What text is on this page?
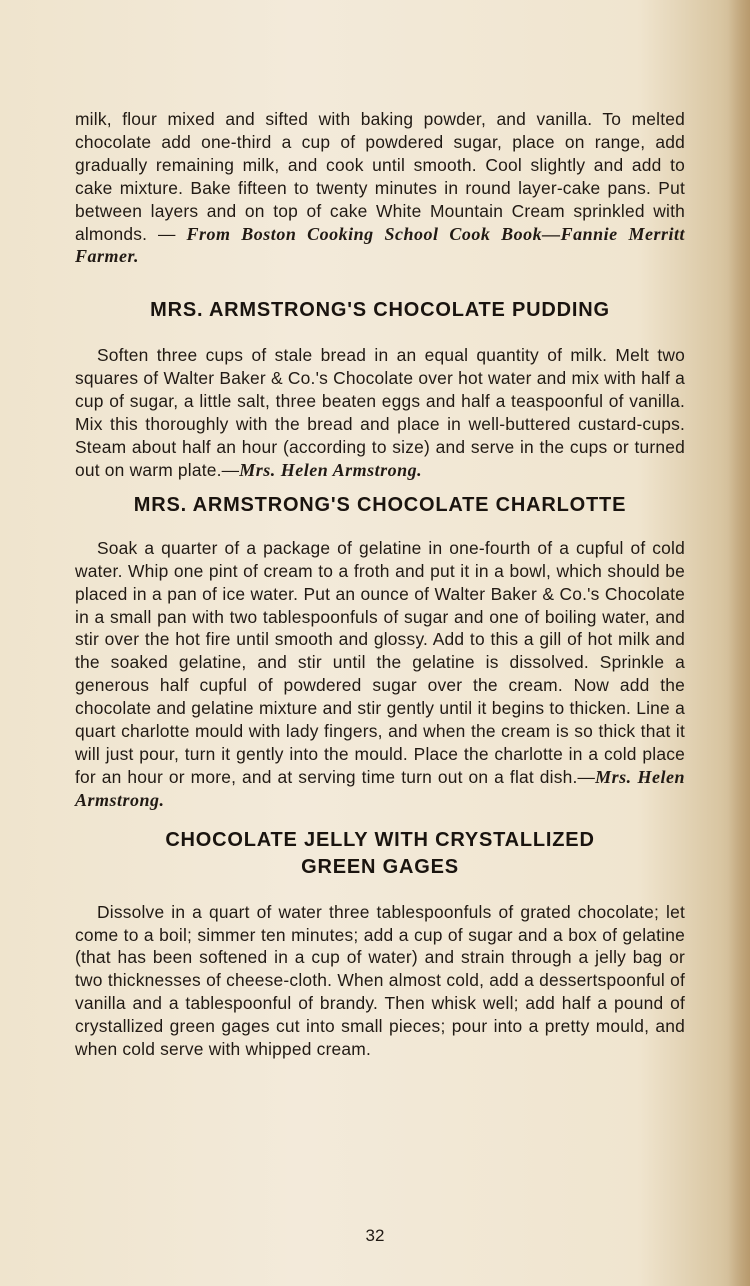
milk, flour mixed and sifted with baking powder, and vanilla. To melted chocolate add one-third a cup of powdered sugar, place on range, add gradually remaining milk, and cook until smooth. Cool slightly and add to cake mixture. Bake fifteen to twenty minutes in round layer-cake pans. Put between layers and on top of cake White Mountain Cream sprinkled with almonds. — From Boston Cooking School Cook Book—Fannie Merritt Farmer.

MRS. ARMSTRONG'S CHOCOLATE PUDDING

Soften three cups of stale bread in an equal quantity of milk. Melt two squares of Walter Baker & Co.'s Chocolate over hot water and mix with half a cup of sugar, a little salt, three beaten eggs and half a teaspoonful of vanilla. Mix this thoroughly with the bread and place in well-buttered custard-cups. Steam about half an hour (according to size) and serve in the cups or turned out on warm plate.—Mrs. Helen Armstrong.

MRS. ARMSTRONG'S CHOCOLATE CHARLOTTE

Soak a quarter of a package of gelatine in one-fourth of a cupful of cold water. Whip one pint of cream to a froth and put it in a bowl, which should be placed in a pan of ice water. Put an ounce of Walter Baker & Co.'s Chocolate in a small pan with two tablespoonfuls of sugar and one of boiling water, and stir over the hot fire until smooth and glossy. Add to this a gill of hot milk and the soaked gelatine, and stir until the gelatine is dissolved. Sprinkle a generous half cupful of powdered sugar over the cream. Now add the chocolate and gelatine mixture and stir gently until it begins to thicken. Line a quart charlotte mould with lady fingers, and when the cream is so thick that it will just pour, turn it gently into the mould. Place the charlotte in a cold place for an hour or more, and at serving time turn out on a flat dish.—Mrs. Helen Armstrong.

CHOCOLATE JELLY WITH CRYSTALLIZED
GREEN GAGES

Dissolve in a quart of water three tablespoonfuls of grated chocolate; let come to a boil; simmer ten minutes; add a cup of sugar and a box of gelatine (that has been softened in a cup of water) and strain through a jelly bag or two thicknesses of cheese-cloth. When almost cold, add a dessertspoonful of vanilla and a tablespoonful of brandy. Then whisk well; add half a pound of crystallized green gages cut into small pieces; pour into a pretty mould, and when cold serve with whipped cream.

32
